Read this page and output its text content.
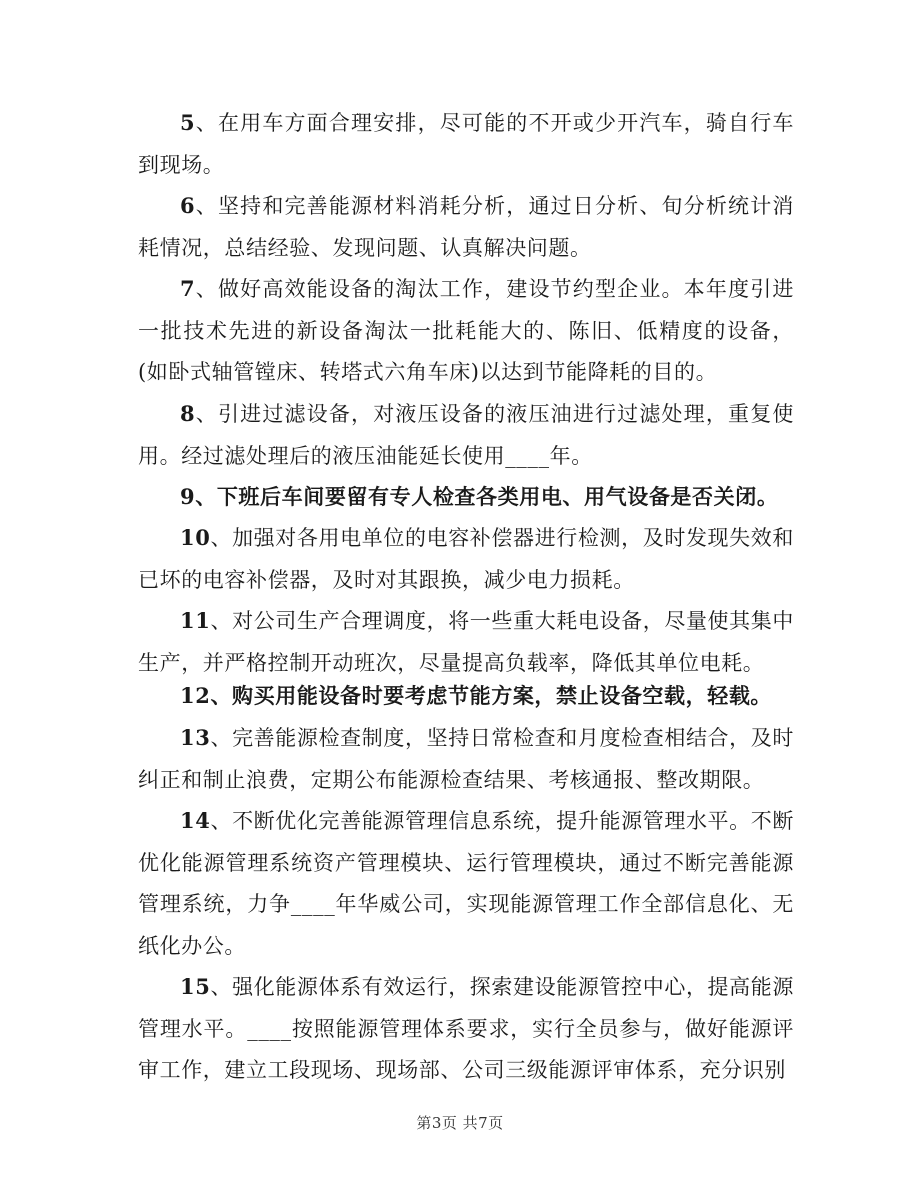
5、在用车方面合理安排，尽可能的不开或少开汽车，骑自行车到现场。

6、坚持和完善能源材料消耗分析，通过日分析、旬分析统计消耗情况，总结经验、发现问题、认真解决问题。

7、做好高效能设备的淘汰工作，建设节约型企业。本年度引进一批技术先进的新设备淘汰一批耗能大的、陈旧、低精度的设备，(如卧式轴管镗床、转塔式六角车床)以达到节能降耗的目的。

8、引进过滤设备，对液压设备的液压油进行过滤处理，重复使用。经过滤处理后的液压油能延长使用____年。

9、下班后车间要留有专人检查各类用电、用气设备是否关闭。

10、加强对各用电单位的电容补偿器进行检测，及时发现失效和已坏的电容补偿器，及时对其跟换，减少电力损耗。

11、对公司生产合理调度，将一些重大耗电设备，尽量使其集中生产，并严格控制开动班次，尽量提高负载率，降低其单位电耗。

12、购买用能设备时要考虑节能方案，禁止设备空载，轻载。

13、完善能源检查制度，坚持日常检查和月度检查相结合，及时纠正和制止浪费，定期公布能源检查结果、考核通报、整改期限。

14、不断优化完善能源管理信息系统，提升能源管理水平。不断优化能源管理系统资产管理模块、运行管理模块，通过不断完善能源管理系统，力争____年华威公司，实现能源管理工作全部信息化、无纸化办公。

15、强化能源体系有效运行，探索建设能源管控中心，提高能源管理水平。____按照能源管理体系要求，实行全员参与，做好能源评审工作，建立工段现场、现场部、公司三级能源评审体系，充分识别

第3页 共7页
